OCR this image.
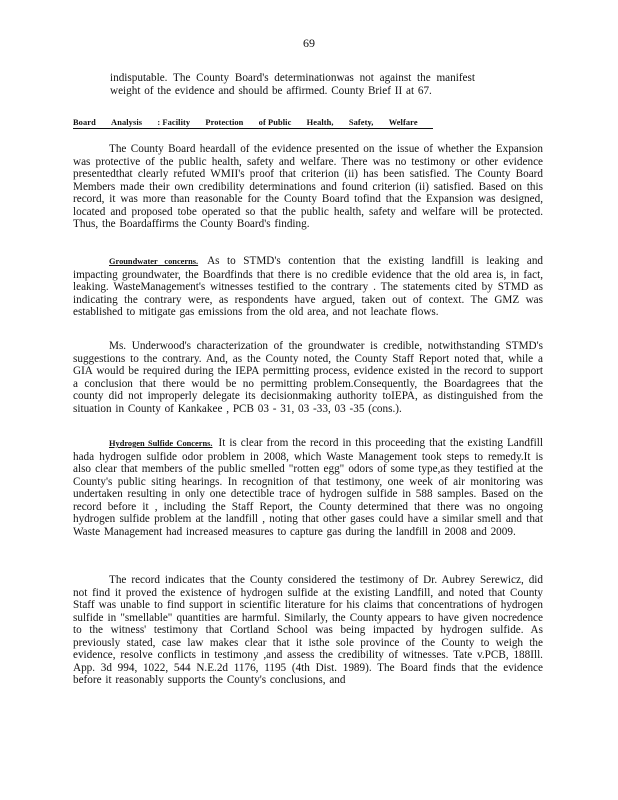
69
indisputable. The County Board's determinationwas not against the manifest weight of the evidence and should be affirmed. County Brief II at 67.
Board Analysis : Facility Protection of Public Health, Safety, Welfare
The County Board heardall of the evidence presented on the issue of whether the Expansion was protective of the public health, safety and welfare. There was no testimony or other evidence presentedthat clearly refuted WMII's proof that criterion (ii) has been satisfied. The County Board Members made their own credibility determinations and found criterion (ii) satisfied. Based on this record, it was more than reasonable for the County Board tofind that the Expansion was designed, located and proposed tobe operated so that the public health, safety and welfare will be protected. Thus, the Boardaffirms the County Board's finding.
Groundwater concerns. As to STMD's contention that the existing landfill is leaking and impacting groundwater, the Boardfinds that there is no credible evidence that the old area is, in fact, leaking. WasteManagement's witnesses testified to the contrary . The statements cited by STMD as indicating the contrary were, as respondents have argued, taken out of context. The GMZ was established to mitigate gas emissions from the old area, and not leachate flows.
Ms. Underwood's characterization of the groundwater is credible, notwithstanding STMD's suggestions to the contrary. And, as the County noted, the County Staff Report noted that, while a GIA would be required during the IEPA permitting process, evidence existed in the record to support a conclusion that there would be no permitting problem.Consequently, the Boardagrees that the county did not improperly delegate its decisionmaking authority toIEPA, as distinguished from the situation in County of Kankakee , PCB 03 - 31, 03 -33, 03 -35 (cons.).
Hydrogen Sulfide Concerns. It is clear from the record in this proceeding that the existing Landfill hada hydrogen sulfide odor problem in 2008, which Waste Management took steps to remedy.It is also clear that members of the public smelled "rotten egg" odors of some type,as they testified at the County's public siting hearings. In recognition of that testimony, one week of air monitoring was undertaken resulting in only one detectible trace of hydrogen sulfide in 588 samples. Based on the record before it , including the Staff Report, the County determined that there was no ongoing hydrogen sulfide problem at the landfill , noting that other gases could have a similar smell and that Waste Management had increased measures to capture gas during the landfill in 2008 and 2009.
The record indicates that the County considered the testimony of Dr. Aubrey Serewicz, did not find it proved the existence of hydrogen sulfide at the existing Landfill, and noted that County Staff was unable to find support in scientific literature for his claims that concentrations of hydrogen sulfide in "smellable" quantities are harmful. Similarly, the County appears to have given nocredence to the witness' testimony that Cortland School was being impacted by hydrogen sulfide. As previously stated, case law makes clear that it isthe sole province of the County to weigh the evidence, resolve conflicts in testimony ,and assess the credibility of witnesses. Tate v.PCB, 188Ill. App. 3d 994, 1022, 544 N.E.2d 1176, 1195 (4th Dist. 1989). The Board finds that the evidence before it reasonably supports the County's conclusions, and
